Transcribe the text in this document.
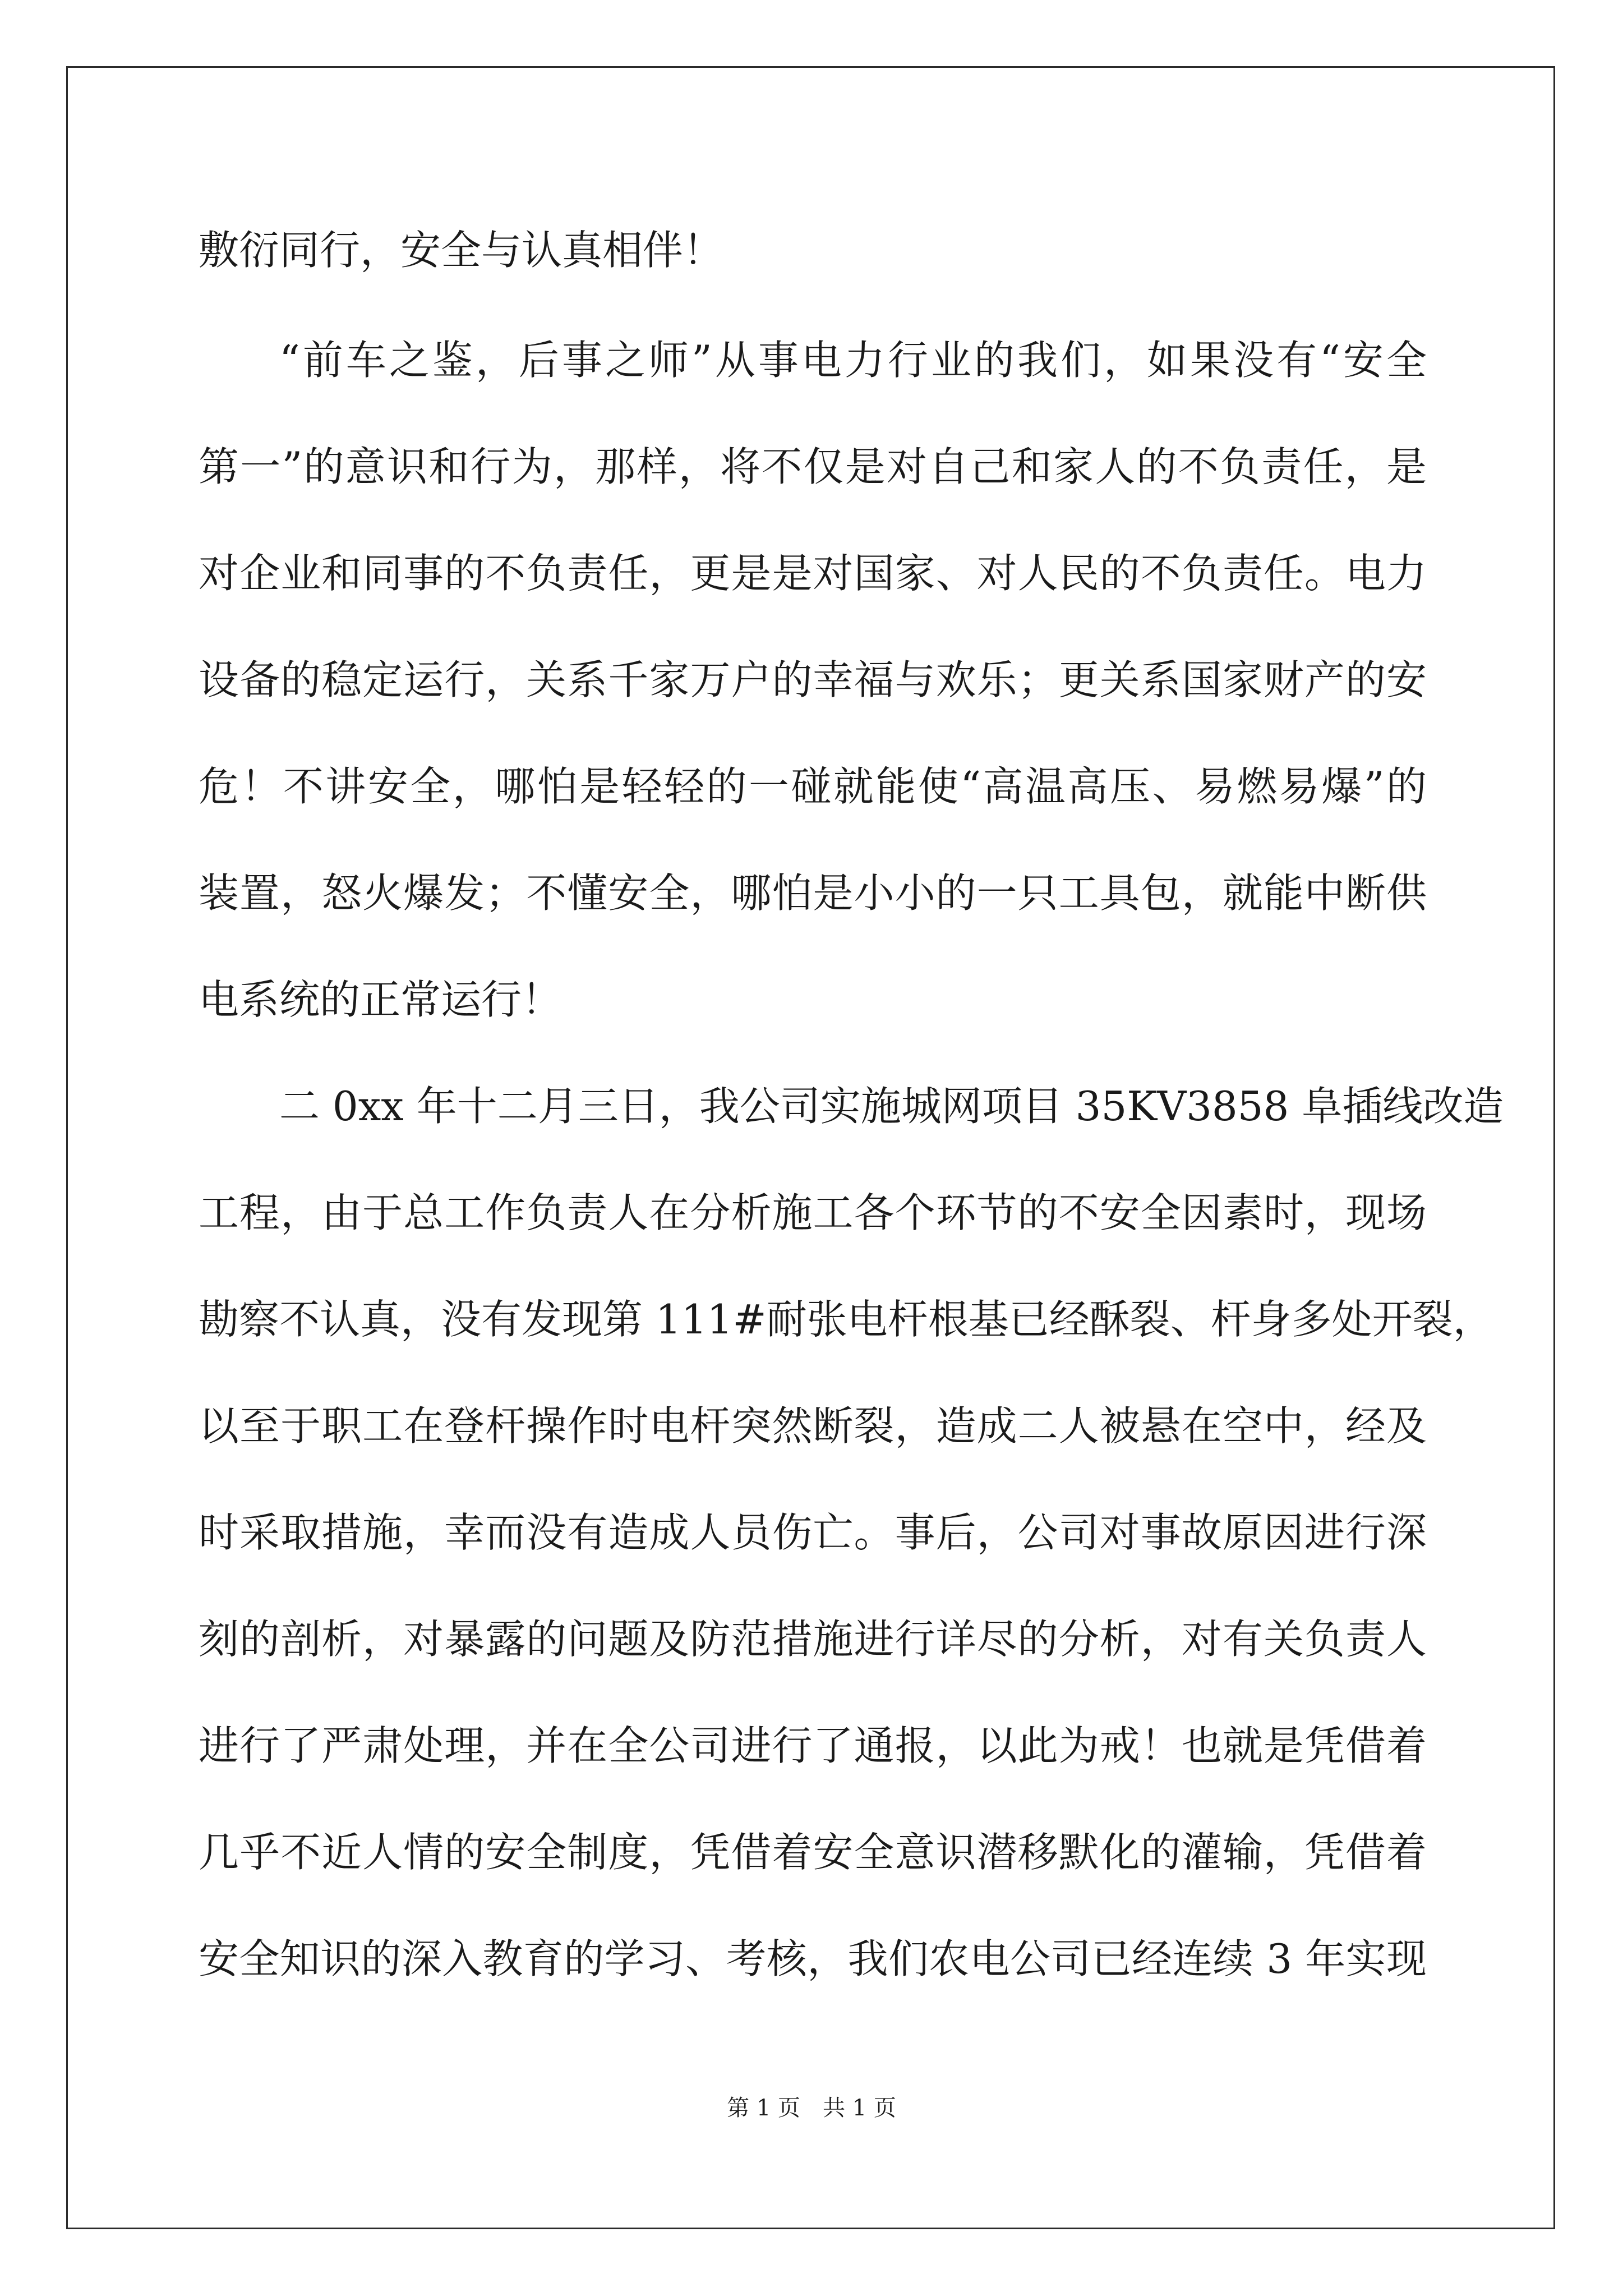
敷衍同行，安全与认真相伴！
“前车之鉴，后事之师”从事电力行业的我们，如果没有“安全
第一”的意识和行为，那样，将不仅是对自己和家人的不负责任，是
对企业和同事的不负责任，更是是对国家、对人民的不负责任。电力
设备的稳定运行，关系千家万户的幸福与欢乐；更关系国家财产的安
危！不讲安全，哪怕是轻轻的一碰就能使“高温高压、易燃易爆”的
装置，怒火爆发；不懂安全，哪怕是小小的一只工具包，就能中断供
电系统的正常运行！
二 0xx 年十二月三日，我公司实施城网项目 35KV3858 阜插线改造
工程，由于总工作负责人在分析施工各个环节的不安全因素时，现场
勘察不认真，没有发现第 111#耐张电杆根基已经酥裂、杆身多处开裂，
以至于职工在登杆操作时电杆突然断裂，造成二人被悬在空中，经及
时采取措施，幸而没有造成人员伤亡。事后，公司对事故原因进行深
刻的剖析，对暴露的问题及防范措施进行详尽的分析，对有关负责人
进行了严肃处理，并在全公司进行了通报，以此为戒！也就是凭借着
几乎不近人情的安全制度，凭借着安全意识潜移默化的灌输，凭借着
安全知识的深入教育的学习、考核，我们农电公司已经连续 3 年实现
第 1 页　共 1 页
